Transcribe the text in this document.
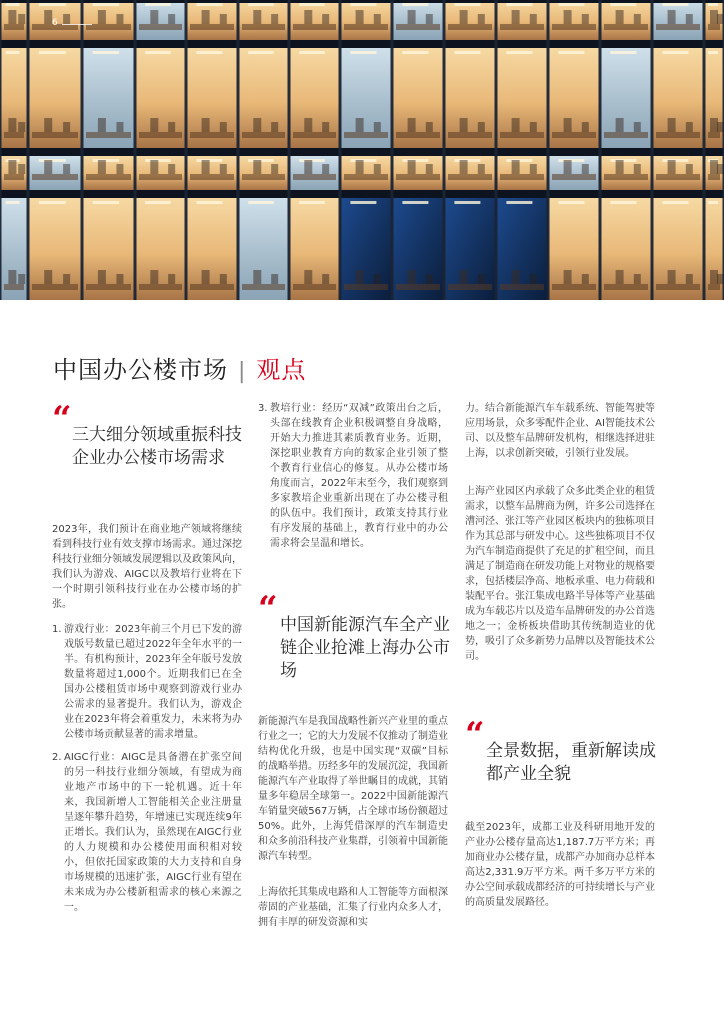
6
中国办公楼市场 | 观点
“ 三大细分领域重振科技企业办公楼市场需求
2023年，我们预计在商业地产领域将继续看到科技行业有效支撑市场需求。通过深挖科技行业细分领域发展逻辑以及政策风向，我们认为游戏、AIGC以及教培行业将在下一个时期引领科技行业在办公楼市场的扩张。
1. 游戏行业：2023年前三个月已下发的游戏版号数量已超过2022年全年水平的一半。有机构预计，2023年全年版号发放数量将超过1,000个。近期我们已在全国办公楼租赁市场中观察到游戏行业办公需求的显著提升。我们认为，游戏企业在2023年将会着重发力，未来将为办公楼市场贡献显著的需求增量。
2. AIGC行业：AIGC是具备潜在扩张空间的另一科技行业细分领域，有望成为商业地产市场中的下一轮机遇。近十年来，我国新增人工智能相关企业注册量呈逐年攀升趋势，年增速已实现连续9年正增长。我们认为，虽然现在AIGC行业的人力规模和办公楼使用面积相对较小，但依托国家政策的大力支持和自身市场规模的迅速扩张，AIGC行业有望在未来成为办公楼新租需求的核心来源之一。
3. 教培行业：经历“双减”政策出台之后，头部在线教育企业积极调整自身战略，开始大力推进其素质教育业务。近期，深挖职业教育方向的数家企业引领了整个教育行业信心的修复。从办公楼市场角度而言，2022年末至今，我们观察到多家教培企业重新出现在了办公楼寻租的队伍中。我们预计，政策支持其行业有序发展的基础上，教育行业中的办公需求将会呈温和增长。
“ 中国新能源汽车全产业链企业抢滩上海办公市场
新能源汽车是我国战略性新兴产业里的重点行业之一；它的大力发展不仅推动了制造业结构优化升级，也是中国实现“双碳”目标的战略举措。历经多年的发展沉淀，我国新能源汽车产业取得了举世瞩目的成就，其销量多年稳居全球第一。2022中国新能源汽车销量突破567万辆，占全球市场份额超过50%。此外，上海凭借深厚的汽车制造史和众多前沿科技产业集群，引领着中国新能源汽车转型。
上海依托其集成电路和人工智能等方面根深蒂固的产业基础，汇集了行业内众多人才，拥有丰厚的研发资源和实
力。结合新能源汽车车载系统、智能驾驶等应用场景，众多零配件企业、AI智能技术公司、以及整车品牌研发机构，相继选择进驻上海，以求创新突破，引领行业发展。
上海产业园区内承载了众多此类企业的租赁需求，以整车品牌商为例，许多公司选择在漕河泾、张江等产业园区板块内的独栋项目作为其总部与研发中心。这些独栋项目不仅为汽车制造商提供了充足的扩租空间，而且满足了制造商在研发功能上对物业的规格要求，包括楼层净高、地板承重、电力荷载和装配平台。张江集成电路半导体等产业基础成为车载芯片以及造车品牌研发的办公首选地之一；金桥板块借助其传统制造业的优势，吸引了众多新势力品牌以及智能技术公司。
“ 全景数据，重新解读成都产业全貌
截至2023年，成都工业及科研用地开发的产业办公楼存量高达1,187.7万平方米；再加商业办公楼存量，成都产办加商办总样本高达2,331.9万平方米。两千多万平方米的办公空间承载成都经济的可持续增长与产业的高质量发展路径。
